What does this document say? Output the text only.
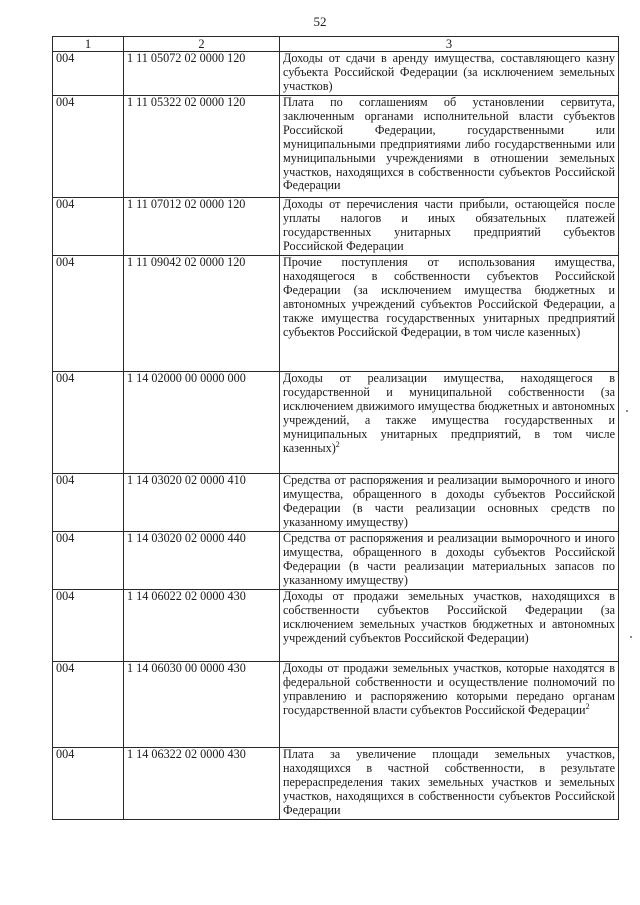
52
1	2	3
004	1 11 05072 02 0000 120	Доходы от сдачи в аренду имущества, составляющего казну субъекта Российской Федерации (за исключением земельных участков)
004	1 11 05322 02 0000 120	Плата по соглашениям об установлении сервитута, заключенным органами исполнительной власти субъектов Российской Федерации, государственными или муниципальными предприятиями либо государственными или муниципальными учреждениями в отношении земельных участков, находящихся в собственности субъектов Российской Федерации
004	1 11 07012 02 0000 120	Доходы от перечисления части прибыли, остающейся после уплаты налогов и иных обязательных платежей государственных унитарных предприятий субъектов Российской Федерации
004	1 11 09042 02 0000 120	Прочие поступления от использования имущества, находящегося в собственности субъектов Российской Федерации (за исключением имущества бюджетных и автономных учреждений субъектов Российской Федерации, а также имущества государственных унитарных предприятий субъектов Российской Федерации, в том числе казенных)
004	1 14 02000 00 0000 000	Доходы от реализации имущества, находящегося в государственной и муниципальной собственности (за исключением движимого имущества бюджетных и автономных учреждений, а также имущества государственных и муниципальных унитарных предприятий, в том числе казенных)$^2$
004	1 14 03020 02 0000 410	Средства от распоряжения и реализации выморочного и иного имущества, обращенного в доходы субъектов Российской Федерации (в части реализации основных средств по указанному имуществу)
004	1 14 03020 02 0000 440	Средства от распоряжения и реализации выморочного и иного имущества, обращенного в доходы субъектов Российской Федерации (в части реализации материальных запасов по указанному имуществу)
004	1 14 06022 02 0000 430	Доходы от продажи земельных участков, находящихся в собственности субъектов Российской Федерации (за исключением земельных участков бюджетных и автономных учреждений субъектов Российской Федерации)
004	1 14 06030 00 0000 430	Доходы от продажи земельных участков, которые находятся в федеральной собственности и осуществление полномочий по управлению и распоряжению которыми передано органам государственной власти субъектов Российской Федерации$^2$
004	1 14 06322 02 0000 430	Плата за увеличение площади земельных участков, находящихся в частной собственности, в результате перераспределения таких земельных участков и земельных участков, находящихся в собственности субъектов Российской Федерации
